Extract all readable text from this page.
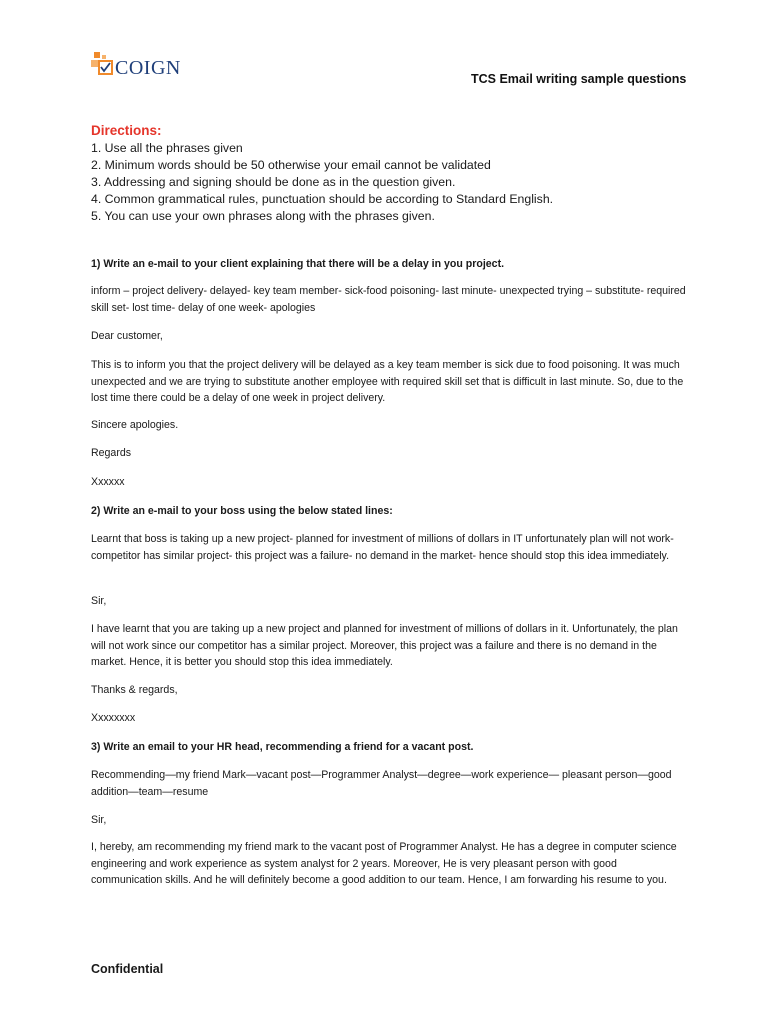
COIGN	TCS Email writing sample questions
Directions:
1. Use all the phrases given
2. Minimum words should be 50 otherwise your email cannot be validated
3. Addressing and signing should be done as in the question given.
4. Common grammatical rules, punctuation should be according to Standard English.
5. You can use your own phrases along with the phrases given.
1) Write an e-mail to your client explaining that there will be a delay in you project.
inform – project delivery- delayed- key team member- sick-food poisoning- last minute- unexpected trying – substitute- required skill set- lost time- delay of one week- apologies
Dear customer,
This is to inform you that the project delivery will be delayed as a key team member is sick due to food poisoning. It was much unexpected and we are trying to substitute another employee with required skill set that is difficult in last minute. So, due to the lost time there could be a delay of one week in project delivery.
Sincere apologies.
Regards
Xxxxxx
2) Write an e-mail to your boss using the below stated lines:
Learnt that boss is taking up a new project- planned for investment of millions of dollars in IT unfortunately plan will not work- competitor has similar project- this project was a failure- no demand in the market- hence should stop this idea immediately.
Sir,
I have learnt that you are taking up a new project and planned for investment of millions of dollars in it. Unfortunately, the plan will not work since our competitor has a similar project. Moreover, this project was a failure and there is no demand in the market. Hence, it is better you should stop this idea immediately.
Thanks & regards,
Xxxxxxxx
3) Write an email to your HR head, recommending a friend for a vacant post.
Recommending—my friend Mark—vacant post—Programmer Analyst—degree—work experience— pleasant person—good addition—team—resume
Sir,
I, hereby, am recommending my friend mark to the vacant post of Programmer Analyst. He has a degree in computer science engineering and work experience as system analyst for 2 years. Moreover, He is very pleasant person with good communication skills. And he will definitely become a good addition to our team. Hence, I am forwarding his resume to you.
Confidential
